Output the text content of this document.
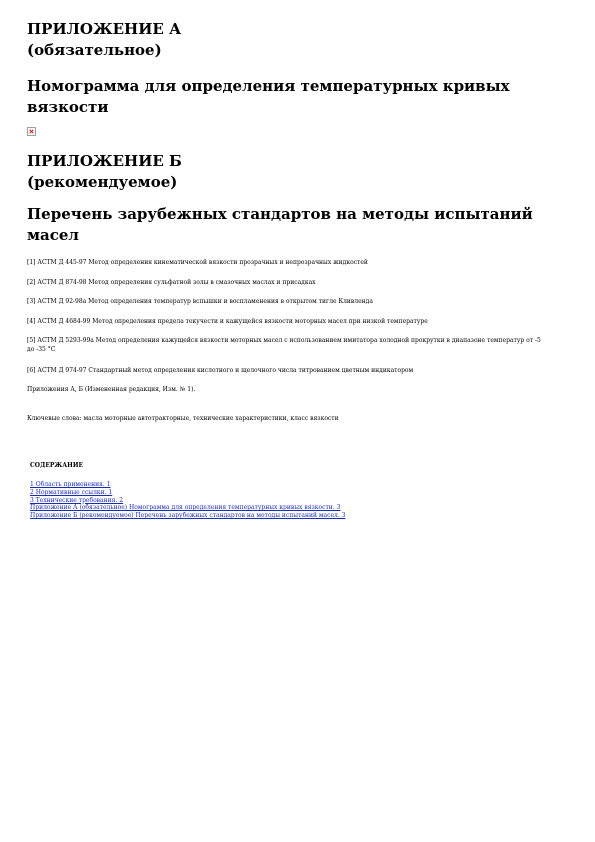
ПРИЛОЖЕНИЕ А
(обязательное)
Номограмма для определения температурных кривых вязкости
ПРИЛОЖЕНИЕ Б
(рекомендуемое)
Перечень зарубежных стандартов на методы испытаний масел

[1] АСТМ Д 445-97 Метод определения кинематической вязкости прозрачных и непрозрачных жидкостей

[2] АСТМ Д 874-98 Метод определения сульфатной золы в смазочных маслах и присадках

[3] АСТМ Д 92-98а Метод определения температур вспышки и воспламенения в открытом тигле Кливленда

[4] АСТМ Д 4684-99 Метод определения предела текучести и кажущейся вязкости моторных масел при низкой температуре

[5] АСТМ Д 5293-99а Метод определения кажущейся вязкости моторных масел с использованием имитатора холодной прокрутки в диапазоне температур от -5 до -35 °С

[6] АСТМ Д 974-97 Стандартный метод определения кислотного и щелочного числа титрованием цветным индикатором

Приложения А, Б (Измененная редакция, Изм. № 1).

Ключевые слова: масла моторные автотракторные, технические характеристики, класс вязкости

СОДЕРЖАНИЕ

1 Область применения. 1
2 Нормативные ссылки. 1
3 Технические требования. 2
Приложение А (обязательное) Номограмма для определения температурных кривых вязкости. 3
Приложение Б (рекомендуемое) Перечень зарубежных стандартов на методы испытаний масел. 3
